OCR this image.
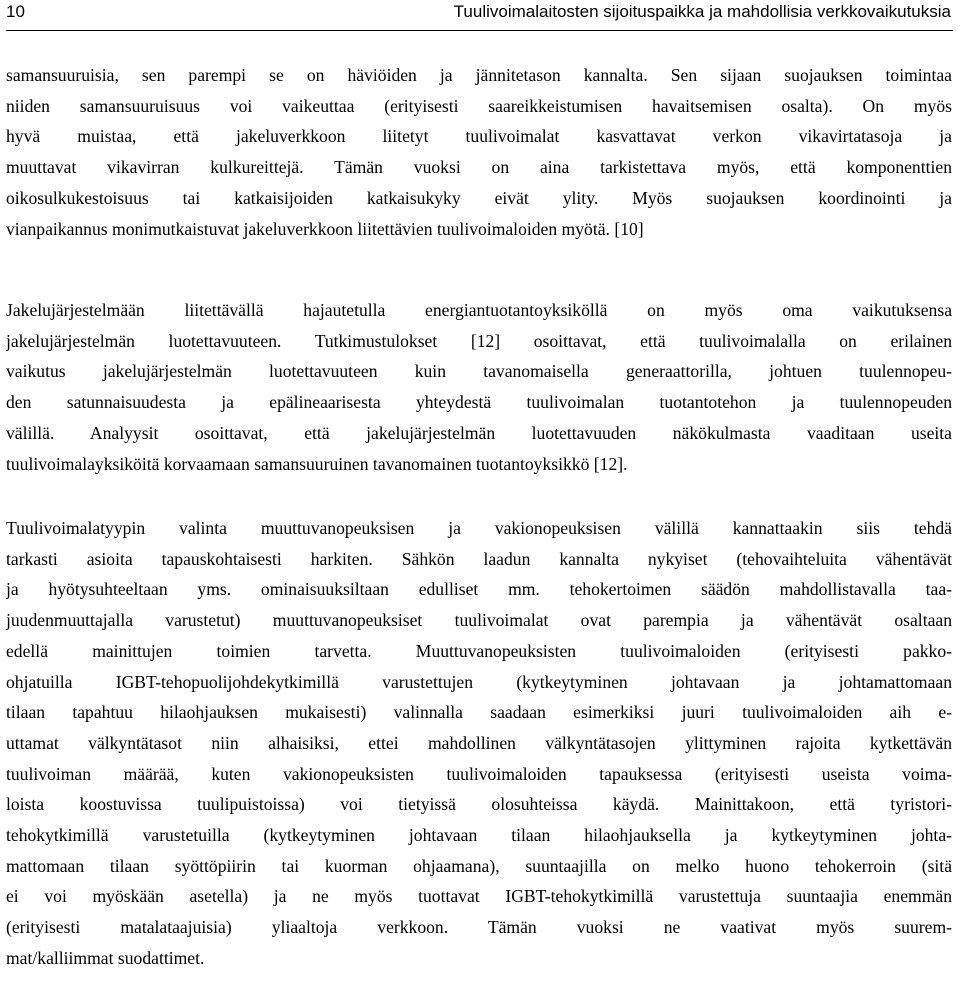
10	Tuulivoimalaitosten sijoituspaikka ja mahdollisia verkkovaikutuksia

samansuuruisia, sen parempi se on häviöiden ja jännitetason kannalta. Sen sijaan suojauksen toimintaa
niiden samansuuruisuus voi vaikeuttaa (erityisesti saareikkeistumisen havaitsemisen osalta). On myös
hyvä muistaa, että jakeluverkkoon liitetyt tuulivoimalat kasvattavat verkon vikavirtatasoja ja
muuttavat vikavirran kulkureittejä. Tämän vuoksi on aina tarkistettava myös, että komponenttien
oikosulkukestoisuus tai katkaisijoiden katkaisukyky eivät ylity. Myös suojauksen koordinointi ja
vianpaikannus monimutkaistuvat jakeluverkkoon liitettävien tuulivoimaloiden myötä. [10]

Jakelujärjestelmään liitettävällä hajautetulla energiantuotantoyksiköllä on myös oma vaikutuksensa
jakelujärjestelmän luotettavuuteen. Tutkimustulokset [12] osoittavat, että tuulivoimalalla on erilainen
vaikutus jakelujärjestelmän luotettavuuteen kuin tavanomaisella generaattorilla, johtuen tuulennopeu-
den satunnaisuudesta ja epälineaarisesta yhteydestä tuulivoimalan tuotantotehon ja tuulennopeuden
välillä. Analyysit osoittavat, että jakelujärjestelmän luotettavuuden näkökulmasta vaaditaan useita
tuulivoimalayksiköitä korvaamaan samansuuruinen tavanomainen tuotantoyksikkö [12].

Tuulivoimalatyypin valinta muuttuvanopeuksisen ja vakionopeuksisen välillä kannattaakin siis tehdä
tarkasti asioita tapauskohtaisesti harkiten. Sähkön laadun kannalta nykyiset (tehovaihteluita vähentävät
ja hyötysuhteeltaan yms. ominaisuuksiltaan edulliset mm. tehokertoimen säädön mahdollistavalla taa-
juudenmuuttajalla varustetut) muuttuvanopeuksiset tuulivoimalat ovat parempia ja vähentävät osaltaan
edellä mainittujen toimien tarvetta. Muuttuvanopeuksisten tuulivoimaloiden (erityisesti pakko-
ohjatuilla IGBT-tehopuolijohdekytkimillä varustettujen (kytkeytyminen johtavaan ja johtamattomaan
tilaan tapahtuu hilaohjauksen mukaisesti) valinnalla saadaan esimerkiksi juuri tuulivoimaloiden aih e-
uttamat välkyntätasot niin alhaisiksi, ettei mahdollinen välkyntätasojen ylittyminen rajoita kytkettävän
tuulivoiman määrää, kuten vakionopeuksisten tuulivoimaloiden tapauksessa (erityisesti useista voima-
loista koostuvissa tuulipuistoissa) voi tietyissä olosuhteissa käydä. Mainittakoon, että tyristori-
tehokytkimillä varustetuilla (kytkeytyminen johtavaan tilaan hilaohjauksella ja kytkeytyminen johta-
mattomaan tilaan syöttöpiirin tai kuorman ohjaamana), suuntaajilla on melko huono tehokerroin (sitä
ei voi myöskään asetella) ja ne myös tuottavat IGBT-tehokytkimillä varustettuja suuntaajia enemmän
(erityisesti matalataajuisia) yliaaltoja verkkoon. Tämän vuoksi ne vaativat myös suurem-
mat/kalliimmat suodattimet.
